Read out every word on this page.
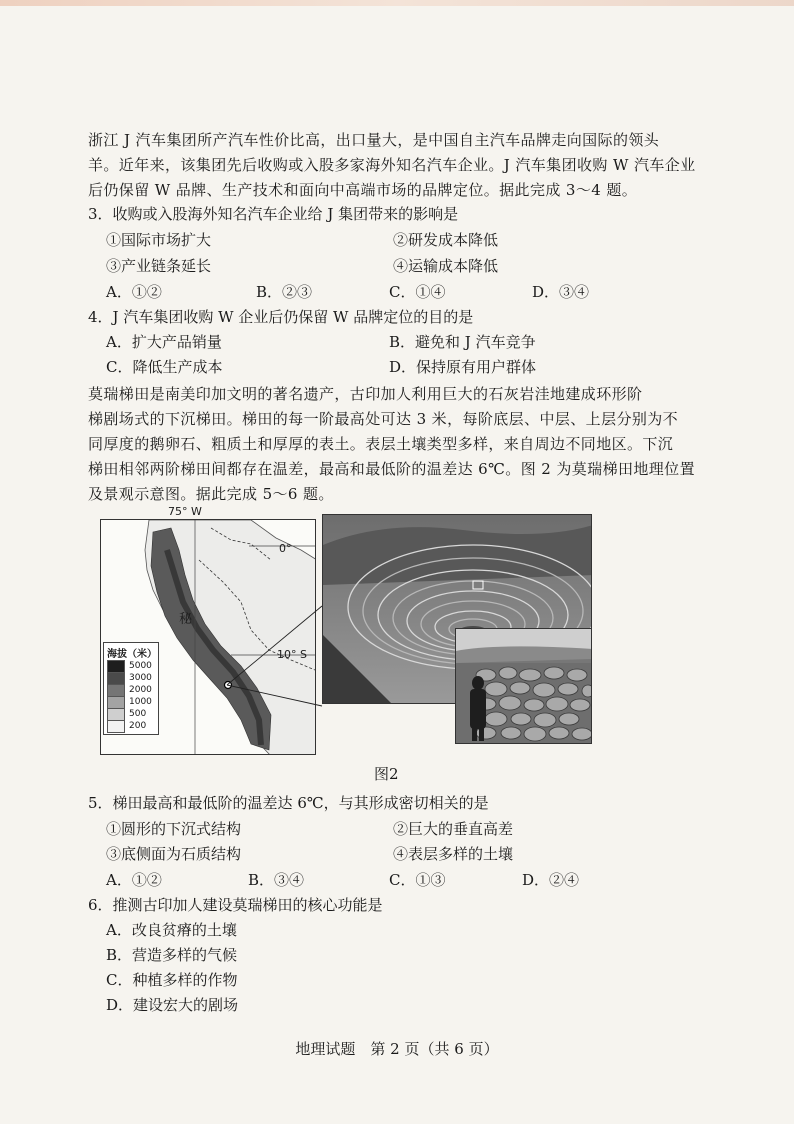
浙江 J 汽车集团所产汽车性价比高，出口量大，是中国自主汽车品牌走向国际的领头
羊。近年来，该集团先后收购或入股多家海外知名汽车企业。J 汽车集团收购 W 汽车企业
后仍保留 W 品牌、生产技术和面向中高端市场的品牌定位。据此完成 3～4 题。
3．收购或入股海外知名汽车企业给 J 集团带来的影响是
①国际市场扩大	②研发成本降低
③产业链条延长	④运输成本降低
A．①②	B．②③	C．①④	D．③④
4．J 汽车集团收购 W 企业后仍保留 W 品牌定位的目的是
A．扩大产品销量	B．避免和 J 汽车竞争
C．降低生产成本	D．保持原有用户群体
莫瑞梯田是南美印加文明的著名遗产，古印加人利用巨大的石灰岩洼地建成环形阶
梯剧场式的下沉梯田。梯田的每一阶最高处可达 3 米，每阶底层、中层、上层分别为不
同厚度的鹅卵石、粗质土和厚厚的表土。表层土壤类型多样，来自周边不同地区。下沉
梯田相邻两阶梯田间都存在温差，最高和最低阶的温差达 6℃。图 2 为莫瑞梯田地理位置
及景观示意图。据此完成 5～6 题。
0°
10° S
秘
海拔（米）
5000
3000
2000
1000
500
200
75° W
图2
5．梯田最高和最低阶的温差达 6℃，与其形成密切相关的是
①圆形的下沉式结构	②巨大的垂直高差
③底侧面为石质结构	④表层多样的土壤
A．①②	B．③④	C．①③	D．②④
6．推测古印加人建设莫瑞梯田的核心功能是
A．改良贫瘠的土壤
B．营造多样的气候
C．种植多样的作物
D．建设宏大的剧场
地理试题　第 2 页（共 6 页）
